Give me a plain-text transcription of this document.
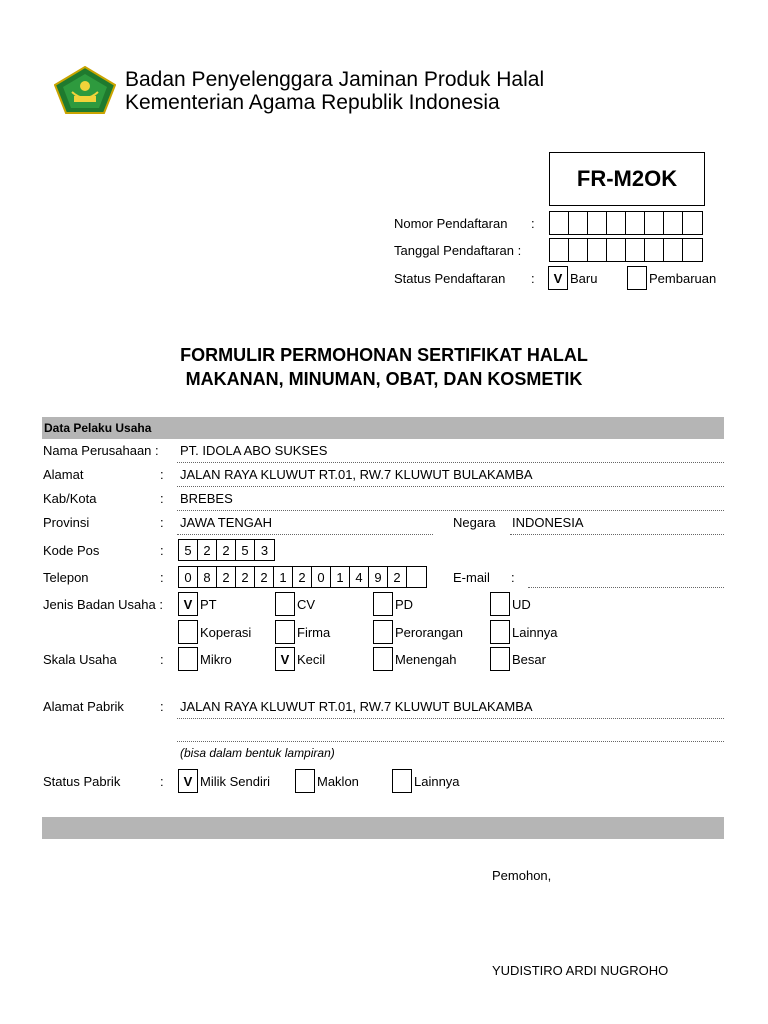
Badan Penyelenggara Jaminan Produk Halal
Kementerian Agama Republik Indonesia
FR-M2OK
Nomor Pendaftaran :
Tanggal Pendaftaran :
Status Pendaftaran :	V Baru	Pembaruan
FORMULIR PERMOHONAN SERTIFIKAT HALAL
MAKANAN, MINUMAN, OBAT, DAN KOSMETIK
Data Pelaku Usaha
Nama Perusahaan : PT. IDOLA ABO SUKSES
Alamat	: JALAN RAYA KLUWUT RT.01, RW.7 KLUWUT BULAKAMBA
Kab/Kota	: BREBES
Provinsi	: JAWA TENGAH	Negara INDONESIA
Kode Pos	:	5 2 2 5 3
Telepon	:	0 8 2 2 2 1 2 0 1 4 9 2	E-mail :
Jenis Badan Usaha :	V PT	CV	PD	UD
Koperasi	Firma	Perorangan	Lainnya
Skala Usaha	:	Mikro	V Kecil	Menengah	Besar
Alamat Pabrik	: JALAN RAYA KLUWUT RT.01, RW.7 KLUWUT BULAKAMBA
(bisa dalam bentuk lampiran)
Status Pabrik	:	V Milik Sendiri	Maklon	Lainnya
Pemohon,
YUDISTIRO ARDI NUGROHO
